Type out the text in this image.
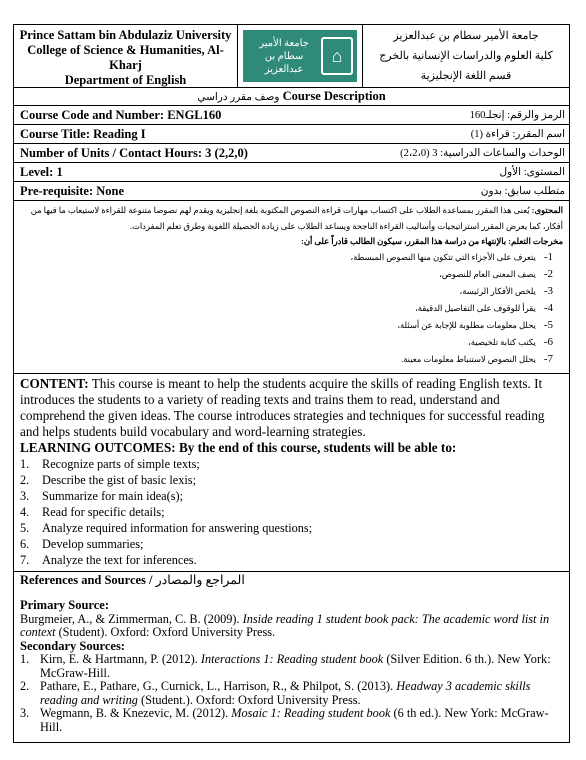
Prince Sattam bin Abdulaziz University
College of Science & Humanities, Al-
Kharj
Department of English
جامعة الأمير
سطام بن عبدالعزيز
⌂
جامعة الأمير سطام بن عبدالعزيز
كلية العلوم والدراسات الإنسانية بالخرج
قسم اللغة الإنجليزية
وصف مقرر دراسي Course Description
Course Code and Number: ENGL160	الرمز والرقم: إنجلـ160
Course Title: Reading I	اسم المقرر: قراءة (1)
Number of Units / Contact Hours: 3 (2,2,0)	الوحدات والساعات الدراسية: 3 (2،2،0)
Level: 1	المستوى: الأول
Pre-requisite: None	متطلب سابق: بدون

المحتوى: يُعنى هذا المقرر بمساعدة الطلاب على اكتساب مهارات قراءة النصوص المكتوبة بلغة إنجليزية ويقدم لهم نصوصا متنوعة للقراءة لاستيعاب ما فيها من أفكار، كما يعرض المقرر استراتيجيات وأساليب القراءة الناجحة ويساعد الطلاب على زيادة الحصيلة اللغوية وطرق تعلم المفردات.

مخرجات التعلم: بالإنتهاء من دراسة هذا المقرر، سيكون الطالب قادراً على أن:

1-
يتعرف على الأجزاء التي تتكون منها النصوص المبسطة،
2-
يصف المعنى العام للنصوص،
3-
يلخص الأفكار الرئيسة،
4-
يقرأ للوقوف على التفاصيل الدقيقة،
5-
يحلل معلومات مطلوبة للإجابة عن أسئلة،
6-
يكتب كتابة تلخيصية،
7-
يحلل النصوص لاستنباط معلومات معينة.

CONTENT: This course is meant to help the students acquire the skills of reading English texts. It introduces the students to a variety of reading texts and trains them to read, understand and comprehend the given ideas. The course introduces strategies and techniques for successful reading and helps students build vocabulary and word-learning strategies.

LEARNING OUTCOMES: By the end of this course, students will be able to:

1.	Recognize parts of simple texts;
2.	Describe the gist of basic lexis;
3.	Summarize for main idea(s);
4.	Read for specific details;
5.	Analyze required information for answering questions;
6.	Develop summaries;
7.	Analyze the text for inferences.

References and Sources / المراجع والمصادر

Primary Source:

Burgmeier, A., & Zimmerman, C. B. (2009). Inside reading 1 student book pack: The academic word list in context (Student). Oxford: Oxford University Press.

Secondary Sources:

1. Kirn, E. & Hartmann, P. (2012). Interactions 1: Reading student book (Silver Edition. 6 th.). New York: McGraw-Hill.
2. Pathare, E., Pathare, G., Curnick, L., Harrison, R., & Philpot, S. (2013). Headway 3 academic skills reading and writing (Student.). Oxford: Oxford University Press.
3. Wegmann, B. & Knezevic, M. (2012). Mosaic 1: Reading student book (6 th ed.). New York: McGraw-Hill.
